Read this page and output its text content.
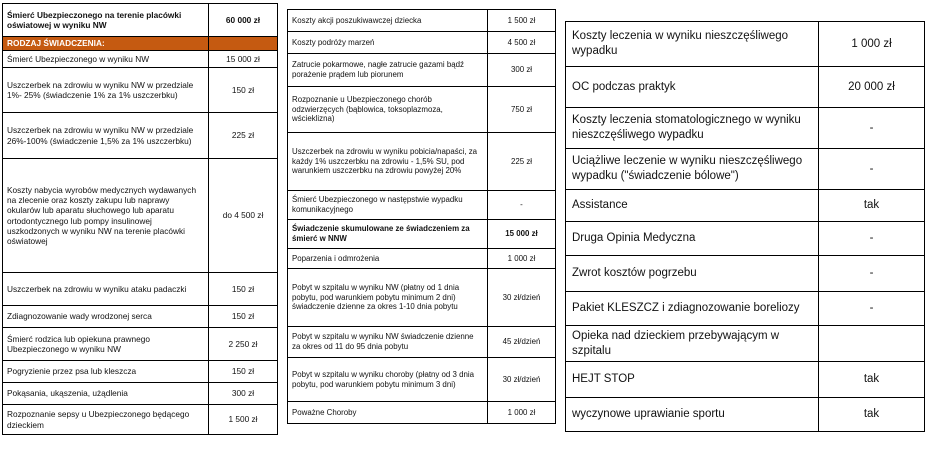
Śmierć Ubezpieczonego na terenie placówki oświatowej w wyniku NW	60 000 zł
RODZAJ ŚWIADCZENIA:	
Śmierć Ubezpieczonego w wyniku NW	15 000 zł
Uszczerbek na zdrowiu w wyniku NW w przedziale 1%- 25% (świadczenie 1% za 1% uszczerbku)	150 zł
Uszczerbek na zdrowiu w wyniku NW w przedziale 26%-100% (świadczenie 1,5% za 1% uszczerbku)	225 zł
Koszty nabycia wyrobów medycznych wydawanych na zlecenie oraz koszty zakupu lub naprawy okularów lub aparatu słuchowego lub aparatu ortodontycznego lub pompy insulinowej uszkodzonych w wyniku NW na terenie placówki oświatowej	do 4 500 zł
Uszczerbek na zdrowiu w wyniku ataku padaczki	150 zł
Zdiagnozowanie wady wrodzonej serca	150 zł
Śmierć rodzica lub opiekuna prawnego Ubezpieczonego w wyniku NW	2 250 zł
Pogryzienie przez psa lub kleszcza	150 zł
Pokąsania, ukąszenia, użądlenia	300 zł
Rozpoznanie sepsy u Ubezpieczonego będącego dzieckiem	1 500 zł
Koszty akcji poszukiwawczej dziecka	1 500 zł
Koszty podróży marzeń	4 500 zł
Zatrucie pokarmowe, nagłe zatrucie gazami bądź porażenie prądem lub piorunem	300 zł
Rozpoznanie u Ubezpieczonego chorób odzwierzęcych (bąblowica, toksoplazmoza, wścieklizna)	750 zł
Uszczerbek na zdrowiu w wyniku pobicia/napaści, za każdy 1% uszczerbku na zdrowiu - 1,5% SU, pod warunkiem uszczerbku na zdrowiu powyżej 20%	225 zł
Śmierć Ubezpieczonego w następstwie wypadku komunikacyjnego	-
Świadczenie skumulowane ze świadczeniem za śmierć w NNW	15 000 zł
Poparzenia i odmrożenia	1 000 zł
Pobyt w szpitalu w wyniku NW (płatny od 1 dnia pobytu, pod warunkiem pobytu minimum 2 dni) świadczenie dzienne za okres 1-10 dnia pobytu	30 zł/dzień
Pobyt w szpitalu w wyniku NW świadczenie dzienne za okres od 11 do 95 dnia pobytu	45 zł/dzień
Pobyt w szpitalu w wyniku choroby (płatny od 3 dnia pobytu, pod warunkiem pobytu minimum 3 dni)	30 zł/dzień
Poważne Choroby	1 000 zł
Koszty leczenia w wyniku nieszczęśliwego wypadku	1 000 zł
OC podczas praktyk	20 000 zł
Koszty leczenia stomatologicznego w wyniku nieszczęśliwego wypadku	-
Uciążliwe leczenie w wyniku nieszczęśliwego wypadku ("świadczenie bólowe")	-
Assistance	tak
Druga Opinia Medyczna	-
Zwrot kosztów pogrzebu	-
Pakiet KLESZCZ i zdiagnozowanie boreliozy	-
Opieka nad dzieckiem przebywającym w szpitalu	
HEJT STOP	tak
wyczynowe uprawianie sportu	tak
